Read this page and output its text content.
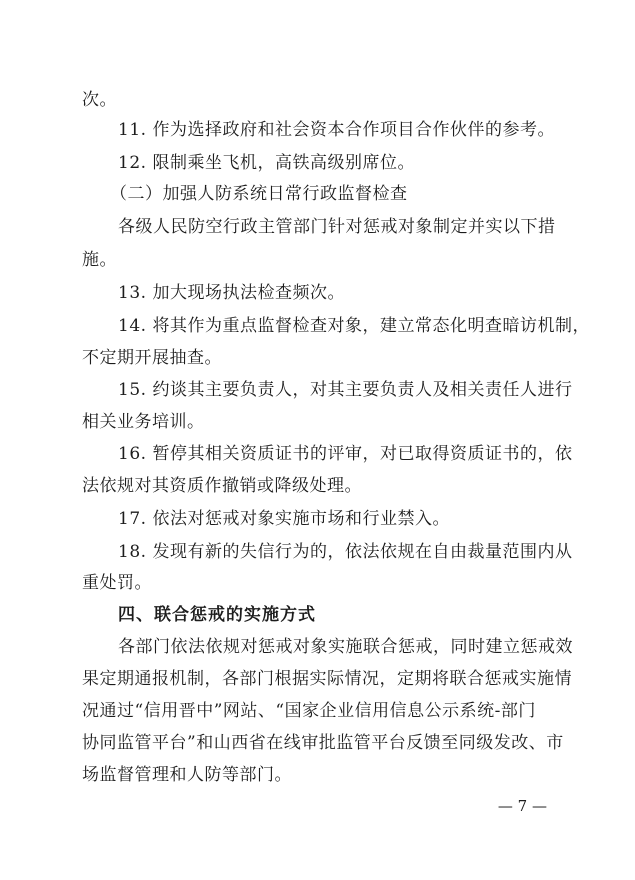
次。
11. 作为选择政府和社会资本合作项目合作伙伴的参考。
12. 限制乘坐飞机，高铁高级别席位。
（二）加强人防系统日常行政监督检查
各级人民防空行政主管部门针对惩戒对象制定并实以下措
施。
13. 加大现场执法检查频次。
14. 将其作为重点监督检查对象，建立常态化明查暗访机制，
不定期开展抽查。
15. 约谈其主要负责人，对其主要负责人及相关责任人进行
相关业务培训。
16. 暂停其相关资质证书的评审，对已取得资质证书的，依
法依规对其资质作撤销或降级处理。
17. 依法对惩戒对象实施市场和行业禁入。
18. 发现有新的失信行为的，依法依规在自由裁量范围内从
重处罚。
四、联合惩戒的实施方式
各部门依法依规对惩戒对象实施联合惩戒，同时建立惩戒效
果定期通报机制，各部门根据实际情况，定期将联合惩戒实施情
况通过“信用晋中”网站、“国家企业信用信息公示系统-部门
协同监管平台”和山西省在线审批监管平台反馈至同级发改、市
场监督管理和人防等部门。
— 7 —
